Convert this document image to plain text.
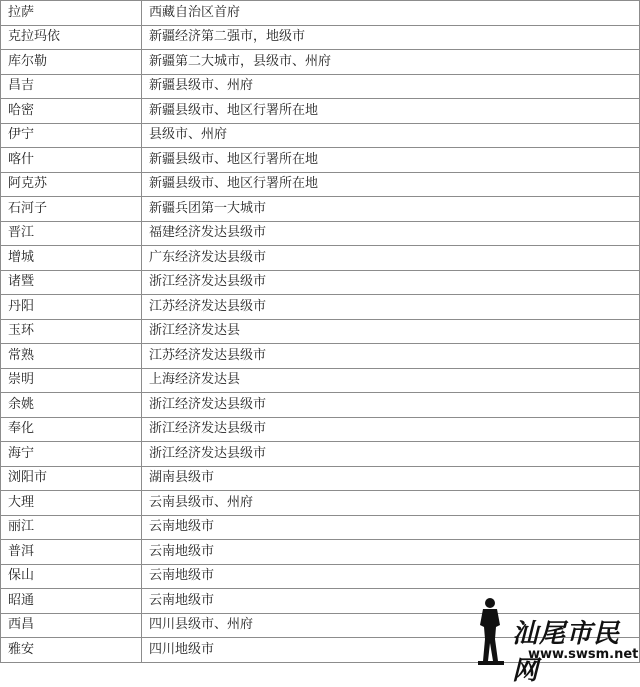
拉萨	西藏自治区首府
克拉玛依	新疆经济第二强市，地级市
库尔勒	新疆第二大城市，县级市、州府
昌吉	新疆县级市、州府
哈密	新疆县级市、地区行署所在地
伊宁	县级市、州府
喀什	新疆县级市、地区行署所在地
阿克苏	新疆县级市、地区行署所在地
石河子	新疆兵团第一大城市
晋江	福建经济发达县级市
增城	广东经济发达县级市
诸暨	浙江经济发达县级市
丹阳	江苏经济发达县级市
玉环	浙江经济发达县
常熟	江苏经济发达县级市
崇明	上海经济发达县
余姚	浙江经济发达县级市
奉化	浙江经济发达县级市
海宁	浙江经济发达县级市
浏阳市	湖南县级市
大理	云南县级市、州府
丽江	云南地级市
普洱	云南地级市
保山	云南地级市
昭通	云南地级市
西昌	四川县级市、州府
雅安	四川地级市
汕尾市民网
www.swsm.net
